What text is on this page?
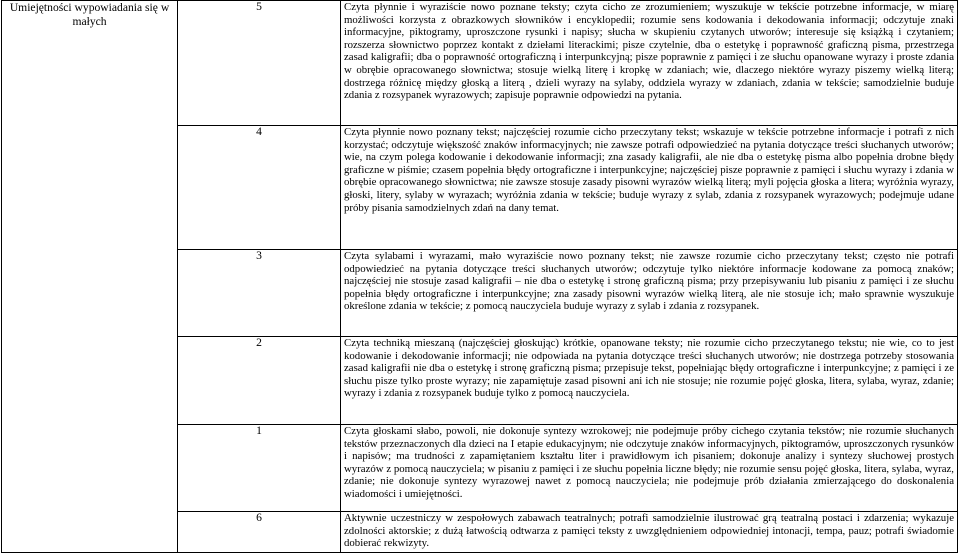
Umiejętności wypowiadania się w małych	5	Czyta płynnie i wyraziście nowo poznane teksty; czyta cicho ze zrozumieniem; wyszukuje w tekście potrzebne informacje, w miarę możliwości korzysta z obrazkowych słowników i encyklopedii; rozumie sens kodowania i dekodowania informacji; odczytuje znaki informacyjne, piktogramy, uproszczone rysunki i napisy; słucha w skupieniu czytanych utworów; interesuje się książką i czytaniem; rozszerza słownictwo poprzez kontakt z dziełami literackimi; pisze czytelnie, dba o estetykę i poprawność graficzną pisma, przestrzega zasad kaligrafii; dba o poprawność ortograficzną i interpunkcyjną; pisze poprawnie z pamięci i ze słuchu opanowane wyrazy i proste zdania w obrębie opracowanego słownictwa; stosuje wielką literę i kropkę w zdaniach; wie, dlaczego niektóre wyrazy piszemy wielką literą; dostrzega różnicę między głoską a literą , dzieli wyrazy na sylaby, oddziela wyrazy w zdaniach, zdania w tekście; samodzielnie buduje zdania z rozsypanek wyrazowych; zapisuje poprawnie odpowiedzi na pytania.

	4	Czyta płynnie nowo poznany tekst; najczęściej rozumie cicho przeczytany tekst; wskazuje w tekście potrzebne informacje i potrafi z nich korzystać; odczytuje większość znaków informacyjnych; nie zawsze potrafi odpowiedzieć na pytania dotyczące treści słuchanych utworów; wie, na czym polega kodowanie i dekodowanie informacji; zna zasady kaligrafii, ale nie dba o estetykę pisma albo popełnia drobne błędy graficzne w piśmie; czasem popełnia błędy ortograficzne i interpunkcyjne; najczęściej pisze poprawnie z pamięci i słuchu wyrazy i zdania w obrębie opracowanego słownictwa; nie zawsze stosuje zasady pisowni wyrazów wielką literą; myli pojęcia głoska a litera; wyróżnia wyrazy, głoski, litery, sylaby w wyrazach; wyróżnia zdania w tekście; buduje wyrazy z sylab, zdania z rozsypanek wyrazowych; podejmuje udane próby pisania samodzielnych zdań na dany temat.

	3	Czyta sylabami i wyrazami, mało wyraziście nowo poznany tekst; nie zawsze rozumie cicho przeczytany tekst; często nie potrafi odpowiedzieć na pytania dotyczące treści słuchanych utworów; odczytuje tylko niektóre informacje kodowane za pomocą znaków; najczęściej nie stosuje zasad kaligrafii – nie dba o estetykę i stronę graficzną pisma; przy przepisywaniu lub pisaniu z pamięci i ze słuchu popełnia błędy ortograficzne i interpunkcyjne; zna zasady pisowni wyrazów wielką literą, ale nie stosuje ich; mało sprawnie wyszukuje określone zdania w tekście; z pomocą nauczyciela buduje wyrazy z sylab i zdania z rozsypanek.

	2	Czyta techniką mieszaną (najczęściej głoskując) krótkie, opanowane teksty; nie rozumie cicho przeczytanego tekstu; nie wie, co to jest kodowanie i dekodowanie informacji; nie odpowiada na pytania dotyczące treści słuchanych utworów; nie dostrzega potrzeby stosowania zasad kaligrafii nie dba o estetykę i stronę graficzną pisma; przepisuje tekst, popełniając błędy ortograficzne i interpunkcyjne; z pamięci i ze słuchu pisze tylko proste wyrazy; nie zapamiętuje zasad pisowni ani ich nie stosuje; nie rozumie pojęć głoska, litera, sylaba, wyraz, zdanie; wyrazy i zdania z rozsypanek buduje tylko z pomocą nauczyciela.

	1	Czyta głoskami słabo, powoli, nie dokonuje syntezy wzrokowej; nie podejmuje próby cichego czytania tekstów; nie rozumie słuchanych tekstów przeznaczonych dla dzieci na I etapie edukacyjnym; nie odczytuje znaków informacyjnych, piktogramów, uproszczonych rysunków i napisów; ma trudności z zapamiętaniem kształtu liter i prawidłowym ich pisaniem; dokonuje analizy i syntezy słuchowej prostych wyrazów z pomocą nauczyciela; w pisaniu z pamięci i ze słuchu popełnia liczne błędy; nie rozumie sensu pojęć głoska, litera, sylaba, wyraz, zdanie; nie dokonuje syntezy wyrazowej nawet z pomocą nauczyciela; nie podejmuje prób działania zmierzającego do doskonalenia wiadomości i umiejętności.

	6	Aktywnie uczestniczy w zespołowych zabawach teatralnych; potrafi samodzielnie ilustrować grą teatralną postaci i zdarzenia; wykazuje zdolności aktorskie; z dużą łatwością odtwarza z pamięci teksty z uwzględnieniem odpowiedniej intonacji, tempa, pauz; potrafi świadomie dobierać rekwizyty.
